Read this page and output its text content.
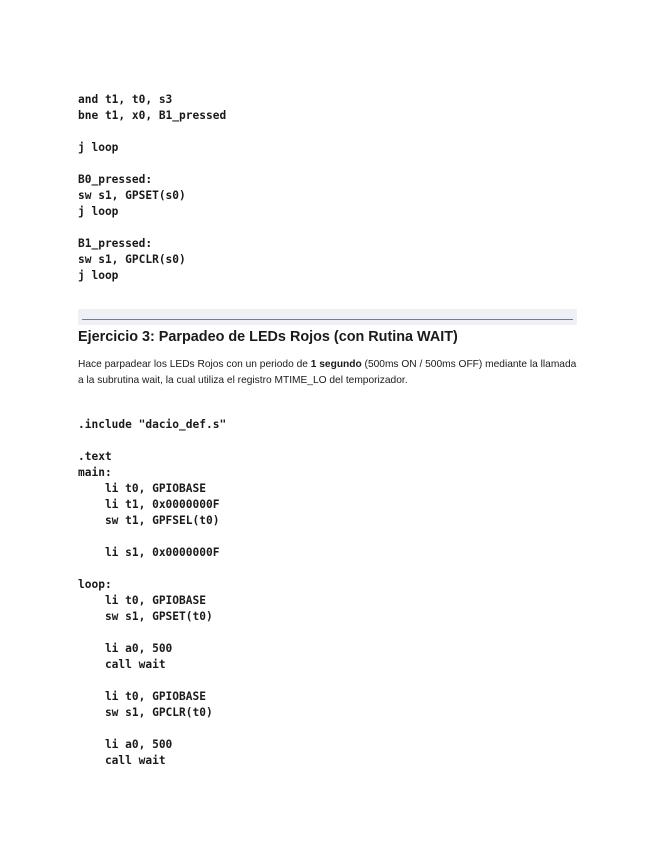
and t1, t0, s3
bne t1, x0, B1_pressed
j loop
B0_pressed:
sw s1, GPSET(s0)
j loop
B1_pressed:
sw s1, GPCLR(s0)
j loop
Ejercicio 3: Parpadeo de LEDs Rojos (con Rutina WAIT)

Hace parpadear los LEDs Rojos con un periodo de 1 segundo (500ms ON / 500ms OFF) mediante la llamada a la subrutina wait, la cual utiliza el registro MTIME_LO del temporizador.

.include "dacio_def.s"
.text
main:
li t0, GPIOBASE
li t1, 0x0000000F
sw t1, GPFSEL(t0)
li s1, 0x0000000F
loop:
li t0, GPIOBASE
sw s1, GPSET(t0)
li a0, 500
call wait
li t0, GPIOBASE
sw s1, GPCLR(t0)
li a0, 500
call wait
